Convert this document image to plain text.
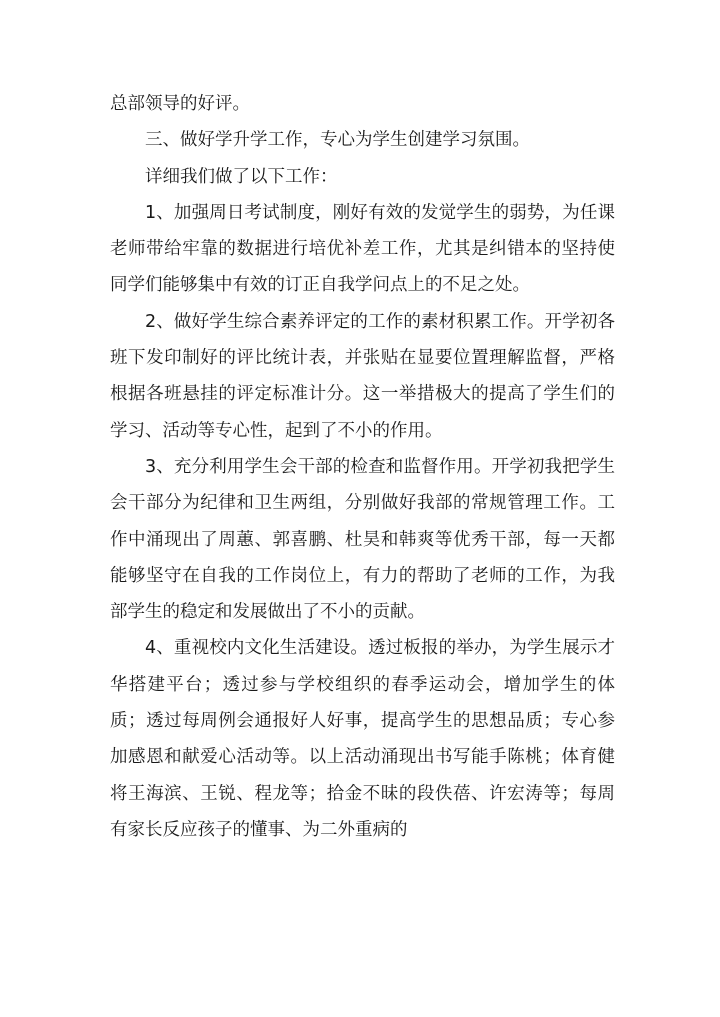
总部领导的好评。

三、做好学升学工作，专心为学生创建学习氛围。

详细我们做了以下工作：

1、加强周日考试制度，刚好有效的发觉学生的弱势，为任课老师带给牢靠的数据进行培优补差工作，尤其是纠错本的坚持使同学们能够集中有效的订正自我学问点上的不足之处。

2、做好学生综合素养评定的工作的素材积累工作。开学初各班下发印制好的评比统计表，并张贴在显要位置理解监督，严格根据各班悬挂的评定标准计分。这一举措极大的提高了学生们的学习、活动等专心性，起到了不小的作用。

3、充分利用学生会干部的检查和监督作用。开学初我把学生会干部分为纪律和卫生两组，分别做好我部的常规管理工作。工作中涌现出了周蕙、郭喜鹏、杜昊和韩爽等优秀干部，每一天都能够坚守在自我的工作岗位上，有力的帮助了老师的工作，为我部学生的稳定和发展做出了不小的贡献。

4、重视校内文化生活建设。透过板报的举办，为学生展示才华搭建平台；透过参与学校组织的春季运动会，增加学生的体质；透过每周例会通报好人好事，提高学生的思想品质；专心参加感恩和献爱心活动等。以上活动涌现出书写能手陈桃；体育健将王海滨、王锐、程龙等；拾金不昧的段佚蓓、许宏涛等；每周有家长反应孩子的懂事、为二外重病的
